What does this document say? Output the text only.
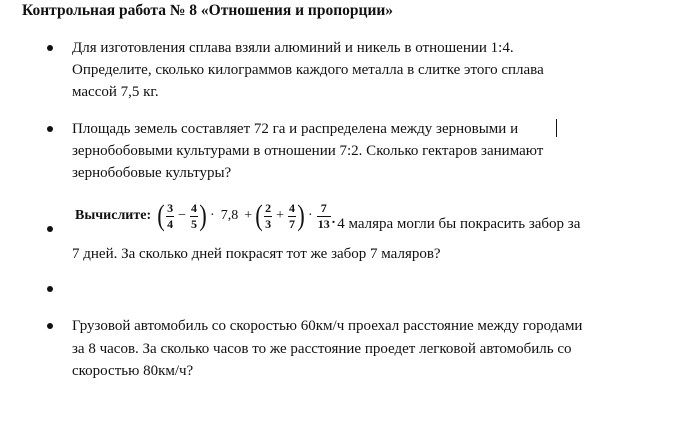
Контрольная работа № 8 «Отношения и пропорции»
Для изготовления сплава взяли алюминий и никель в отношении 1:4.
Определите, сколько килограммов каждого металла в слитке этого сплава
массой 7,5 кг.
Площадь земель составляет 72 га и распределена между зерновыми и
зернобобовыми культурами в отношении 7:2. Сколько гектаров занимают
зернобобовые культуры?
Вычислите: ( $\frac{3}{4} - \frac{4}{5}$ ) · 7,8 + ( $\frac{2}{3} + \frac{4}{7}$ ) · $\frac{7}{13}$ . 4 маляра могли бы покрасить забор за
7 дней. За сколько дней покрасят тот же забор 7 маляров?
Грузовой автомобиль со скоростью 60км/ч проехал расстояние между городами
за 8 часов. За сколько часов то же расстояние проедет легковой автомобиль со
скоростью 80км/ч?
